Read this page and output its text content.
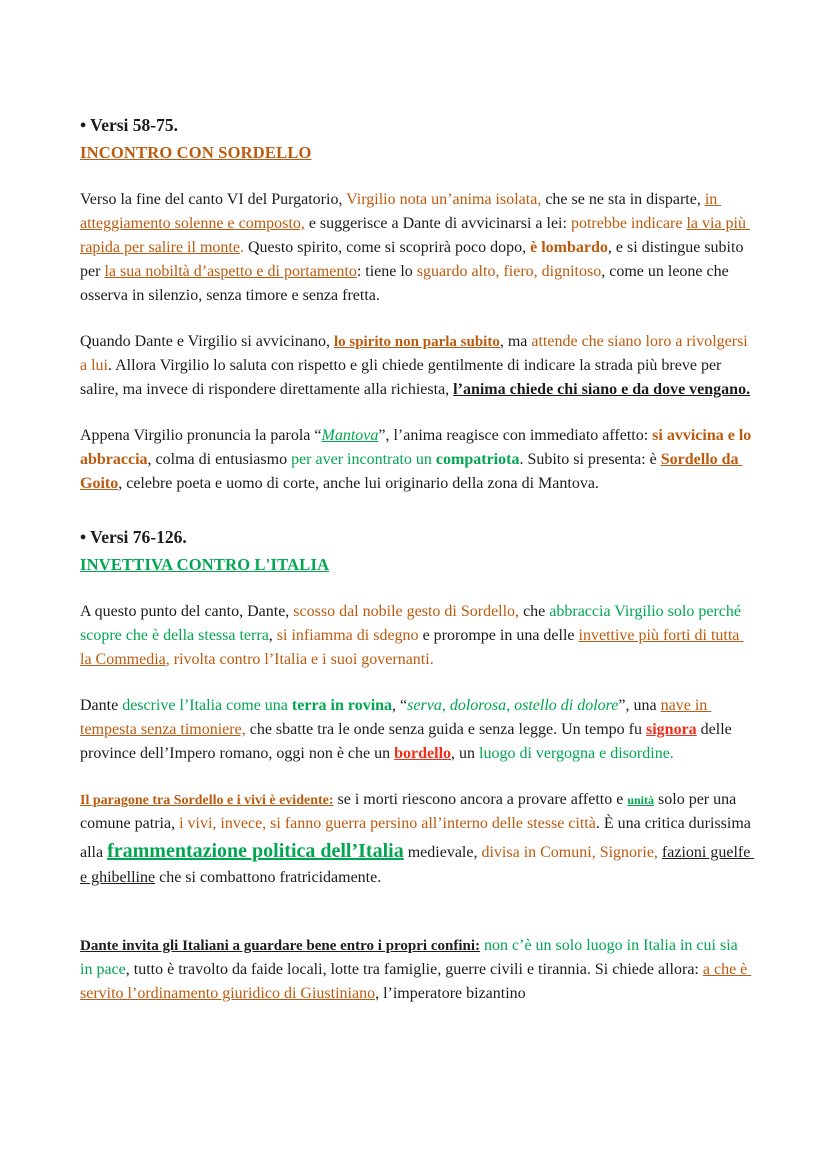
• Versi 58-75.
INCONTRO CON SORDELLO

Verso la fine del canto VI del Purgatorio, Virgilio nota un’anima isolata, che se ne sta in disparte, in atteggiamento solenne e composto, e suggerisce a Dante di avvicinarsi a lei: potrebbe indicare la via più rapida per salire il monte. Questo spirito, come si scoprirà poco dopo, è lombardo, e si distingue subito per la sua nobiltà d’aspetto e di portamento: tiene lo sguardo alto, fiero, dignitoso, come un leone che osserva in silenzio, senza timore e senza fretta.

Quando Dante e Virgilio si avvicinano, lo spirito non parla subito, ma attende che siano loro a rivolgersi a lui. Allora Virgilio lo saluta con rispetto e gli chiede gentilmente di indicare la strada più breve per salire, ma invece di rispondere direttamente alla richiesta, l’anima chiede chi siano e da dove vengano.

Appena Virgilio pronuncia la parola “Mantova”, l’anima reagisce con immediato affetto: si avvicina e lo abbraccia, colma di entusiasmo per aver incontrato un compatriota. Subito si presenta: è Sordello da Goito, celebre poeta e uomo di corte, anche lui originario della zona di Mantova.

• Versi 76-126.
INVETTIVA CONTRO L'ITALIA

A questo punto del canto, Dante, scosso dal nobile gesto di Sordello, che abbraccia Virgilio solo perché scopre che è della stessa terra, si infiamma di sdegno e prorompe in una delle invettive più forti di tutta la Commedia, rivolta contro l’Italia e i suoi governanti.

Dante descrive l’Italia come una terra in rovina, “serva, dolorosa, ostello di dolore”, una nave in tempesta senza timoniere, che sbatte tra le onde senza guida e senza legge. Un tempo fu signora delle province dell’Impero romano, oggi non è che un bordello, un luogo di vergogna e disordine.

Il paragone tra Sordello e i vivi è evidente: se i morti riescono ancora a provare affetto e unità solo per una comune patria, i vivi, invece, si fanno guerra persino all’interno delle stesse città. È una critica durissima alla frammentazione politica dell’Italia medievale, divisa in Comuni, Signorie, fazioni guelfe e ghibelline che si combattono fratricidamente.

Dante invita gli Italiani a guardare bene entro i propri confini: non c’è un solo luogo in Italia in cui sia in pace, tutto è travolto da faide locali, lotte tra famiglie, guerre civili e tirannia. Si chiede allora: a che è servito l’ordinamento giuridico di Giustiniano, l’imperatore bizantino
